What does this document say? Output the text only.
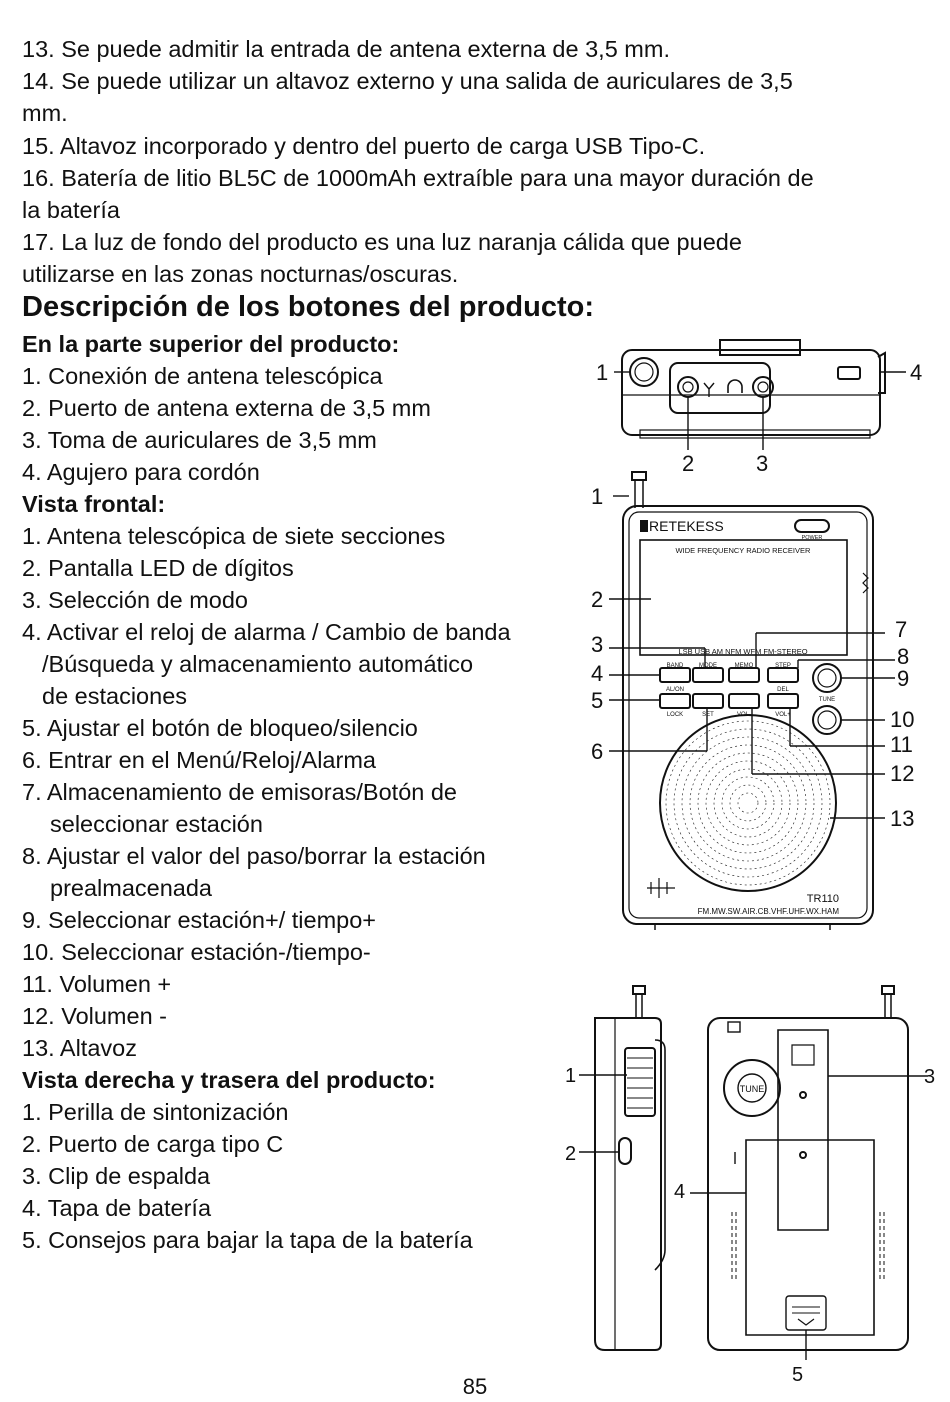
13. Se puede admitir la entrada de antena externa de 3,5 mm.
14. Se puede utilizar un altavoz externo y una salida de auriculares de 3,5
mm.
15. Altavoz incorporado y dentro del puerto de carga USB Tipo-C.
16. Batería de litio BL5C de 1000mAh extraíble para una mayor duración de
la batería
17. La luz de fondo del producto es una luz naranja cálida que puede
utilizarse en las zonas nocturnas/oscuras.
Descripción de los botones del producto:
En la parte superior del producto:
1. Conexión de antena telescópica
2. Puerto de antena externa de 3,5 mm
3. Toma de auriculares de 3,5 mm
4. Agujero para cordón
Vista frontal:
1. Antena telescópica de siete secciones
2. Pantalla LED de dígitos
3. Selección de modo
4. Activar el reloj de alarma / Cambio de banda
/Búsqueda y almacenamiento automático
de estaciones
5. Ajustar el botón de bloqueo/silencio
6. Entrar en el Menú/Reloj/Alarma
7. Almacenamiento de emisoras/Botón de
seleccionar estación
8. Ajustar el valor del paso/borrar la estación
prealmacenada
9. Seleccionar estación+/ tiempo+
10. Seleccionar estación-/tiempo-
11. Volumen +
12. Volumen -
13. Altavoz
Vista derecha y trasera del producto:
1. Perilla de sintonización
2. Puerto de carga tipo C
3. Clip de espalda
4. Tapa de batería
5. Consejos para bajar la tapa de la batería
1
2	3
4
RETEKESS
POWER
WIDE FREQUENCY RADIO RECEIVER
LSB USB AM NFM WFM FM-STEREO
BAND	MODE	MEMO	STEP
AL/ON	DEL
LOCK	SET	VOL-	VOL+
TUNE
TR110
FM.MW.SW.AIR.CB.VHF.UHF.WX.HAM
1
2
3
4
5
6
7
8
9
10
11
12
13
1
2
TUNE
3
4
5
85
